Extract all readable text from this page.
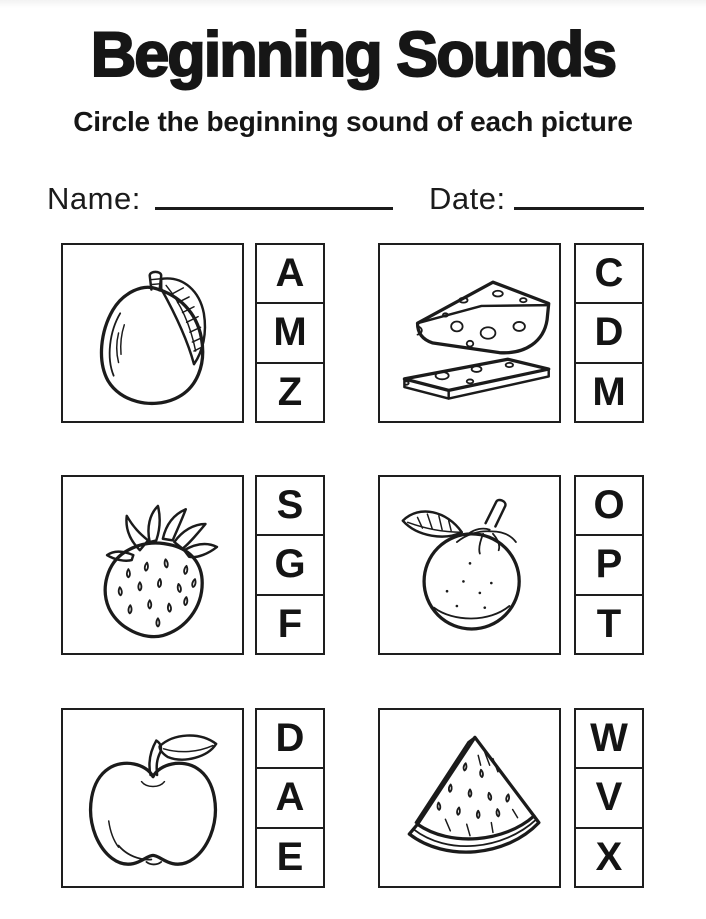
Beginning Sounds
Circle the beginning sound of each picture
Name:	Date:
A
M
Z
C
D
M
S
G
F
O
P
T
D
A
E
W
V
X
